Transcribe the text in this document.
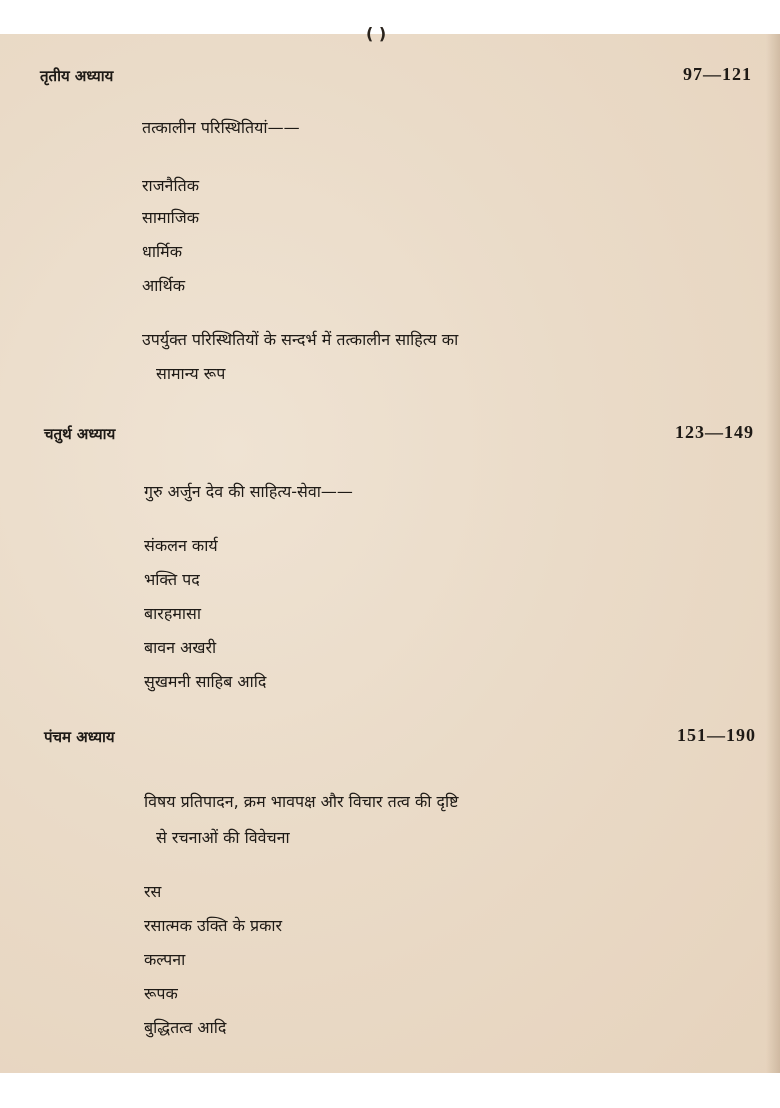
( )
तृतीय अध्याय	97—121
तत्कालीन परिस्थितियां——
राजनैतिक
सामाजिक
धार्मिक
आर्थिक
उपर्युक्त परिस्थितियों के सन्दर्भ में तत्कालीन साहित्य का
सामान्य रूप
चतुर्थ अध्याय	123—149
गुरु अर्जुन देव की साहित्य-सेवा——
संकलन कार्य
भक्ति पद
बारहमासा
बावन अखरी
सुखमनी साहिब आदि
पंचम अध्याय	151—190
विषय प्रतिपादन, क्रम भावपक्ष और विचार तत्व की दृष्टि
से रचनाओं की विवेचना
रस
रसात्मक उक्ति के प्रकार
कल्पना
रूपक
बुद्धितत्व आदि
